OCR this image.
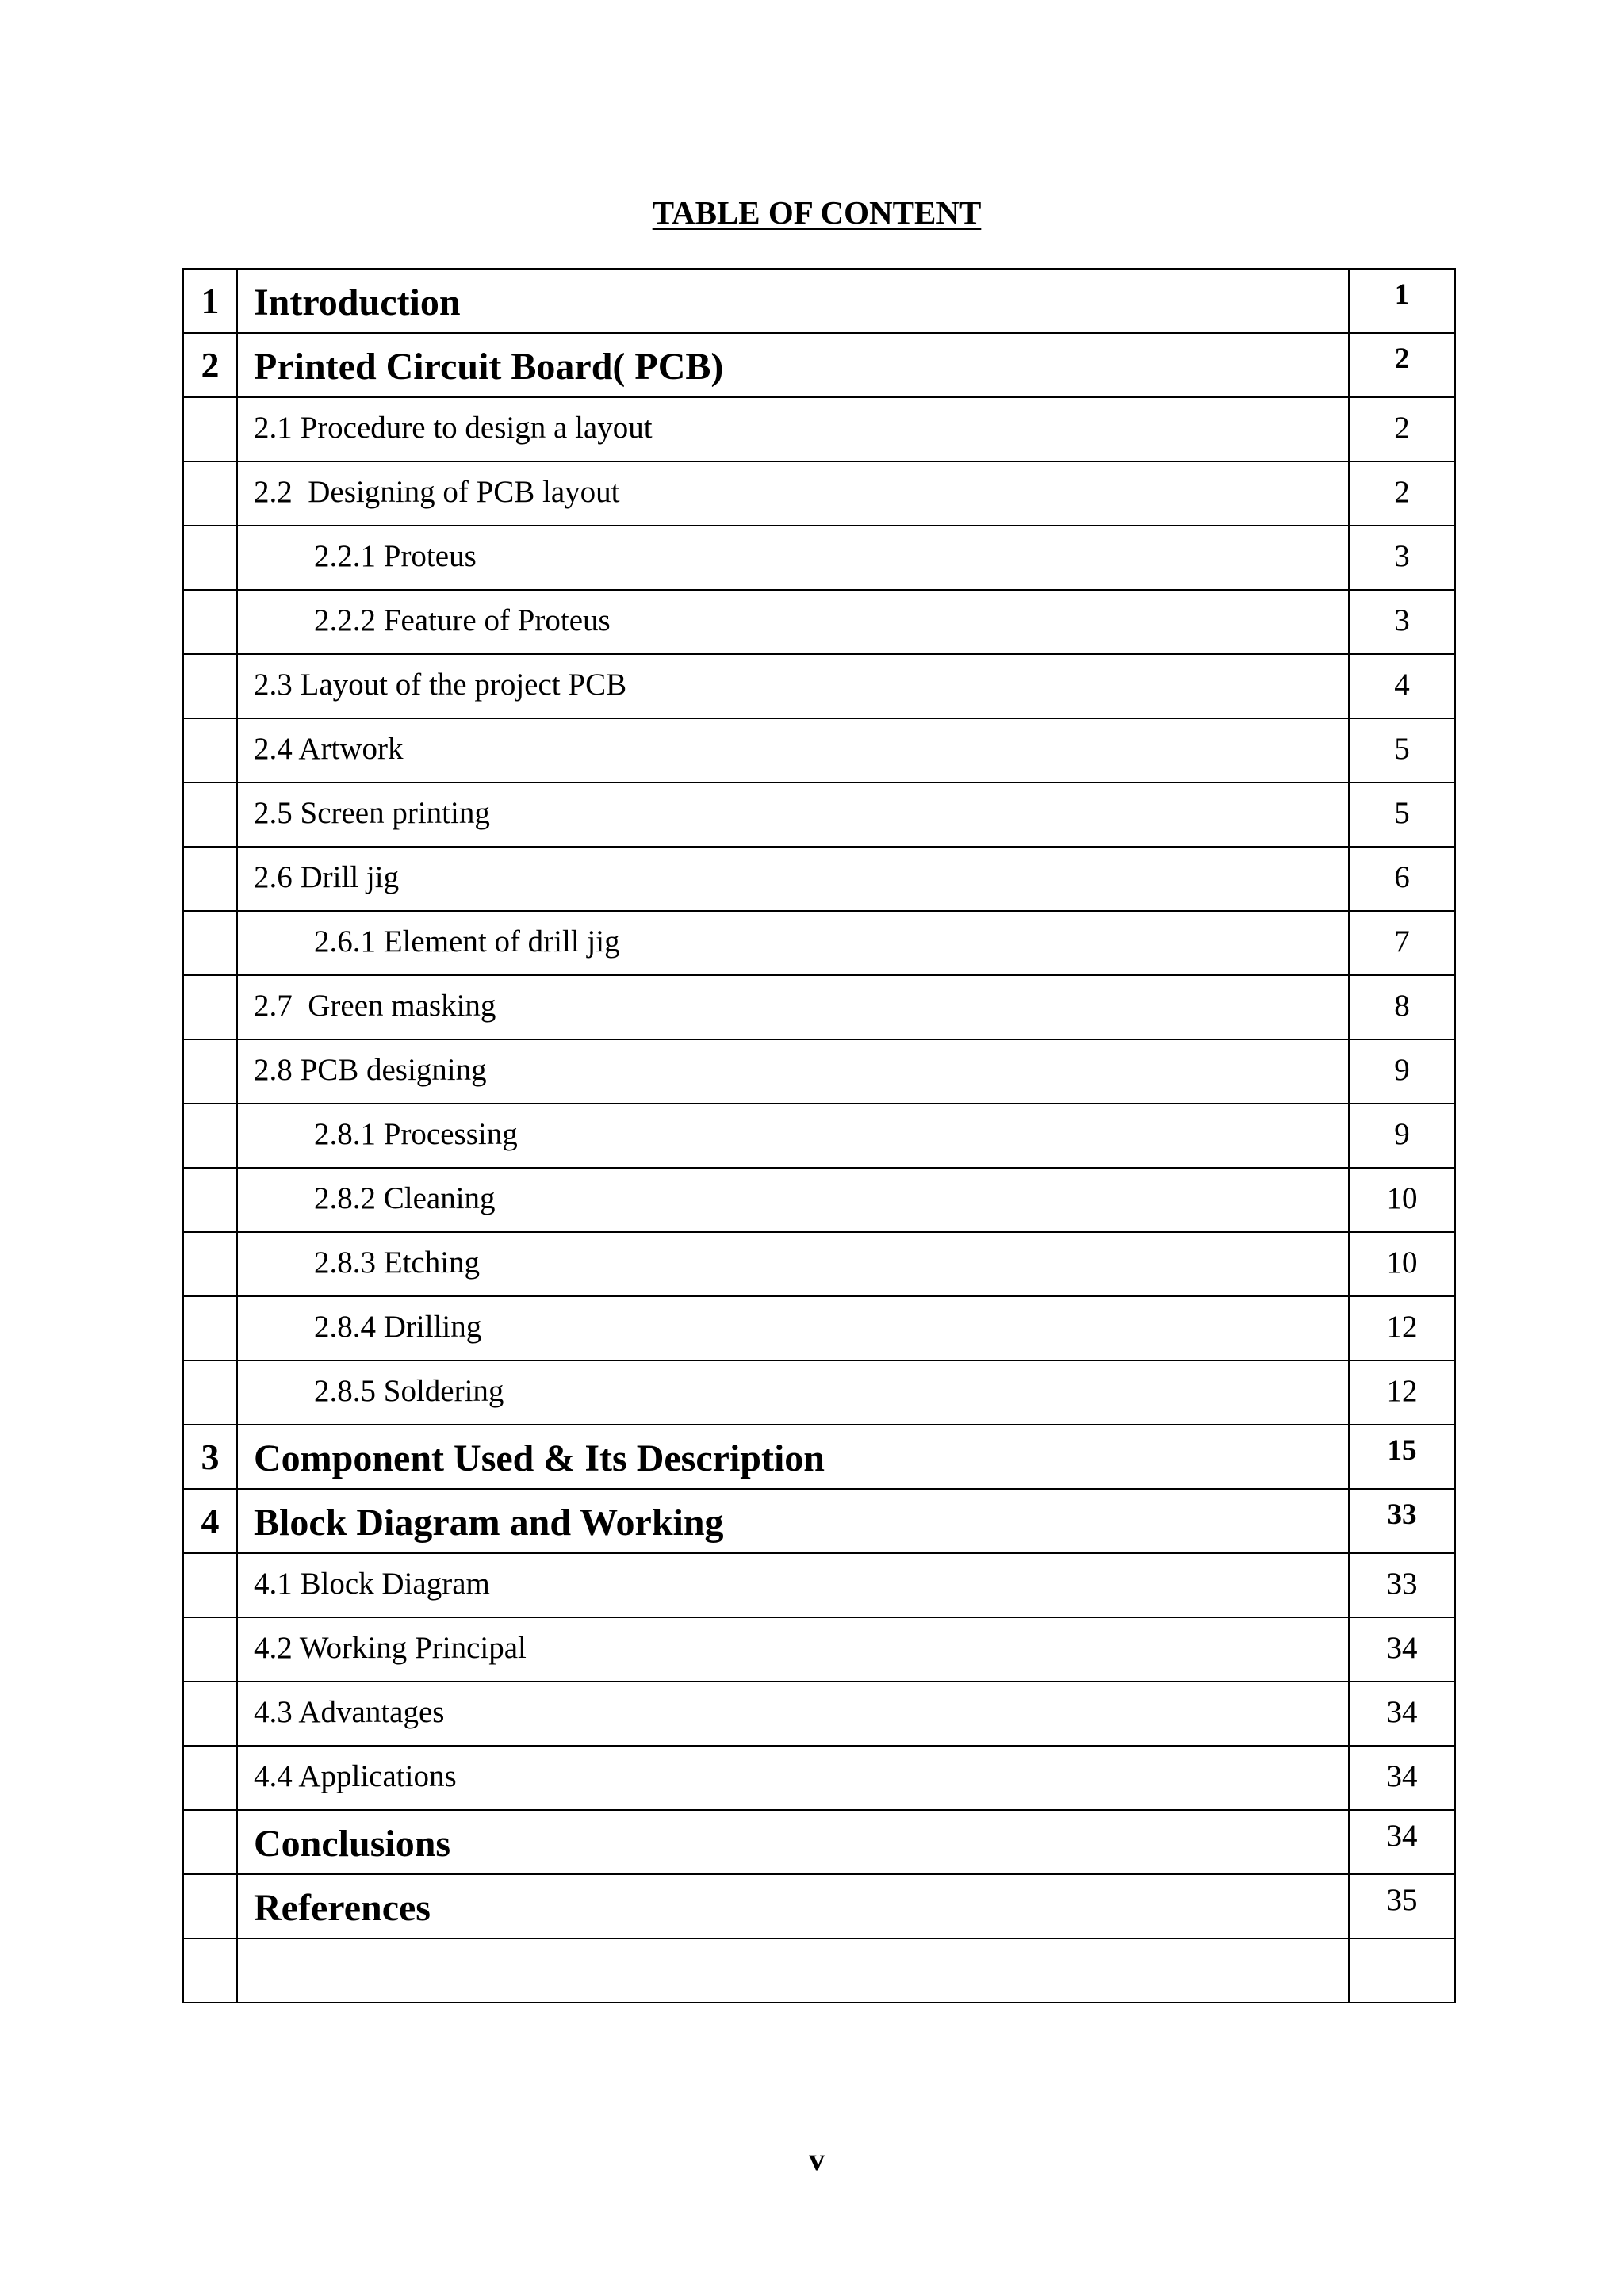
TABLE OF CONTENT
1	Introduction	1
2	Printed Circuit Board( PCB)	2
	2.1 Procedure to design a layout	2
	2.2  Designing of PCB layout	2
	2.2.1 Proteus	3
	2.2.2 Feature of Proteus	3
	2.3 Layout of the project PCB	4
	2.4 Artwork	5
	2.5 Screen printing	5
	2.6 Drill jig	6
	2.6.1 Element of drill jig	7
	2.7  Green masking	8
	2.8 PCB designing	9
	2.8.1 Processing	9
	2.8.2 Cleaning	10
	2.8.3 Etching	10
	2.8.4 Drilling	12
	2.8.5 Soldering	12
3	Component Used & Its Description	15
4	Block Diagram and Working	33
	4.1 Block Diagram	33
	4.2 Working Principal	34
	4.3 Advantages	34
	4.4 Applications	34
	Conclusions	34
	References	35

v
